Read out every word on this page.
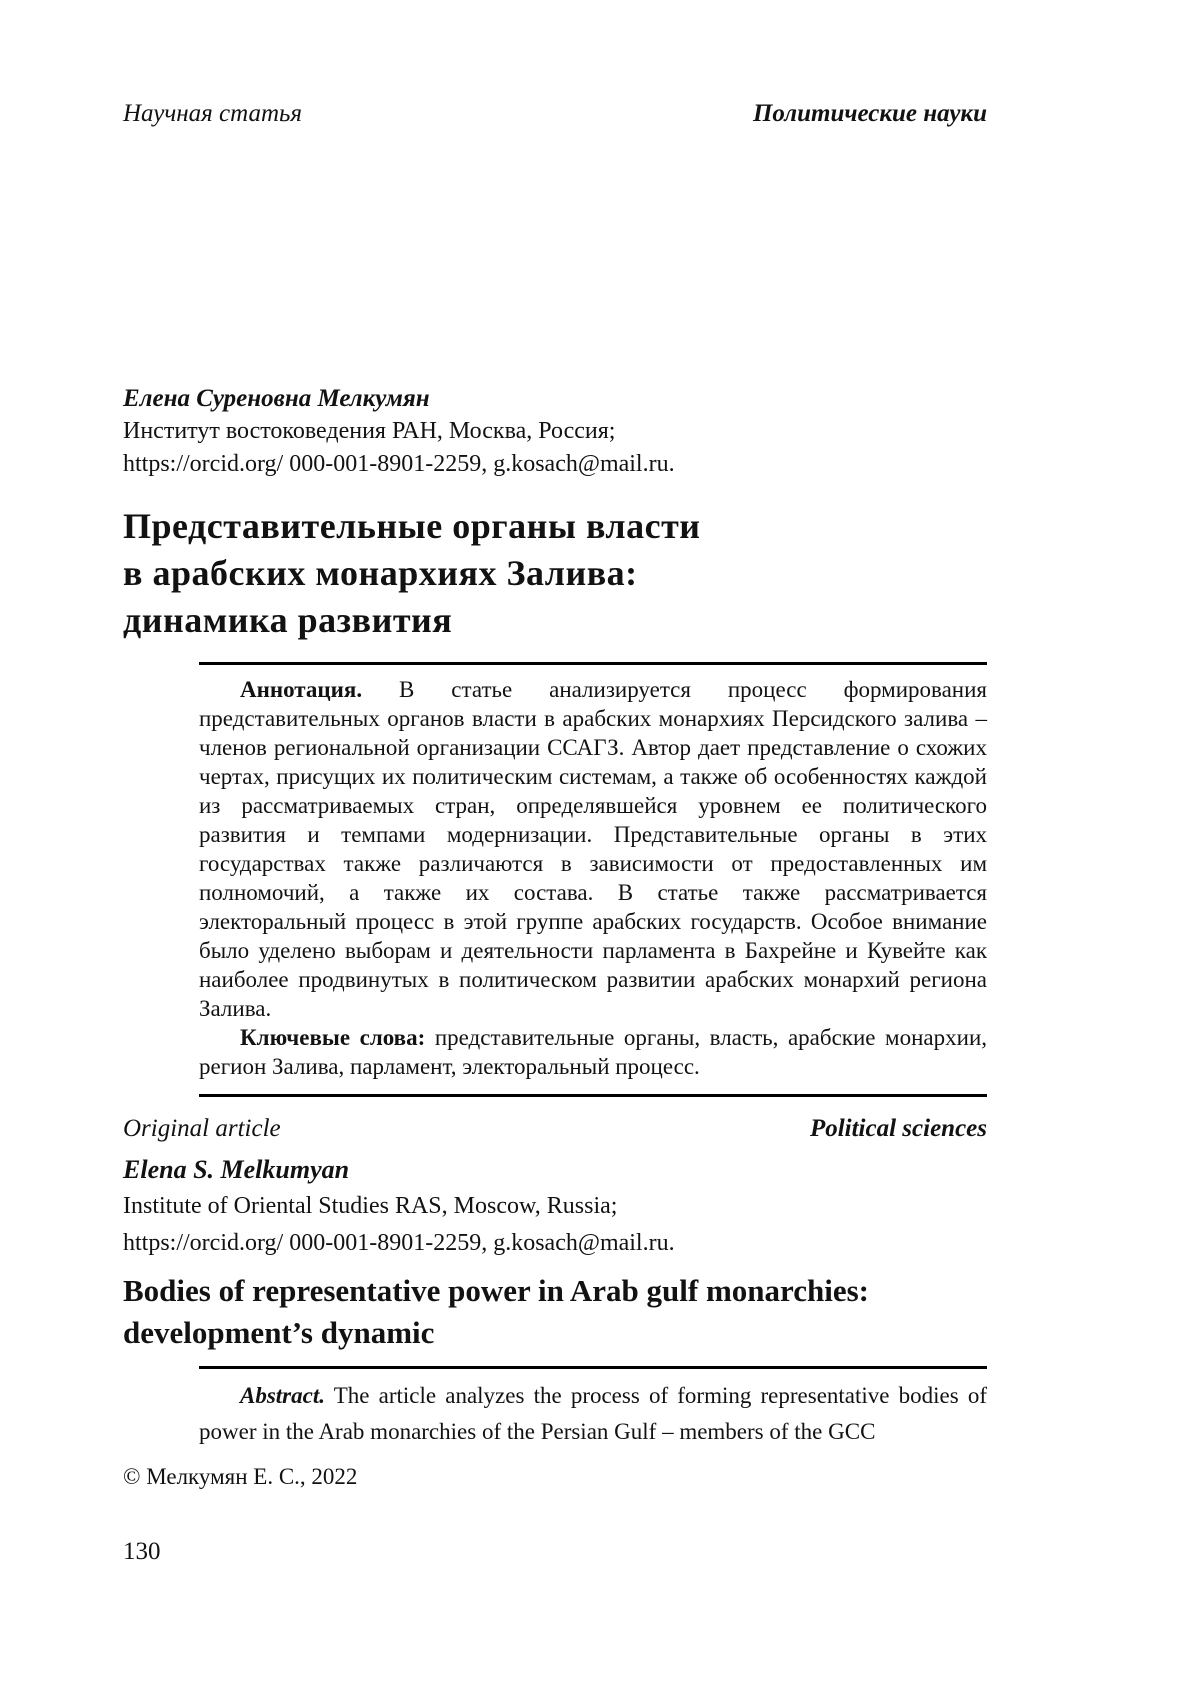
Научная статья	Политические науки
Елена Суреновна Мелкумян
Институт востоковедения РАН, Москва, Россия;
https://orcid.org/ 000-001-8901-2259, g.kosach@mail.ru.
Представительные органы власти
в арабских монархиях Залива:
динамика развития

Аннотация. В статье анализируется процесс формирования представительных органов власти в арабских монархиях Персидского залива – членов региональной организации ССАГЗ. Автор дает представление о схожих чертах, присущих их политическим системам, а также об особенностях каждой из рассматриваемых стран, определявшейся уровнем ее политического развития и темпами модернизации. Представительные органы в этих государствах также различаются в зависимости от предоставленных им полномочий, а также их состава. В статье также рассматривается электоральный процесс в этой группе арабских государств. Особое внимание было уделено выборам и деятельности парламента в Бахрейне и Кувейте как наиболее продвинутых в политическом развитии арабских монархий региона Залива.

Ключевые слова: представительные органы, власть, арабские монархии, регион Залива, парламент, электоральный процесс.

Original article	Political sciences
Elena S. Melkumyan
Institute of Oriental Studies RAS, Moscow, Russia;
https://orcid.org/ 000-001-8901-2259, g.kosach@mail.ru.
Bodies of representative power in Arab gulf monarchies:
development’s dynamic

Abstract. The article analyzes the process of forming representative bodies of power in the Arab monarchies of the Persian Gulf – members of the GCC

© Мелкумян Е. С., 2022

130
